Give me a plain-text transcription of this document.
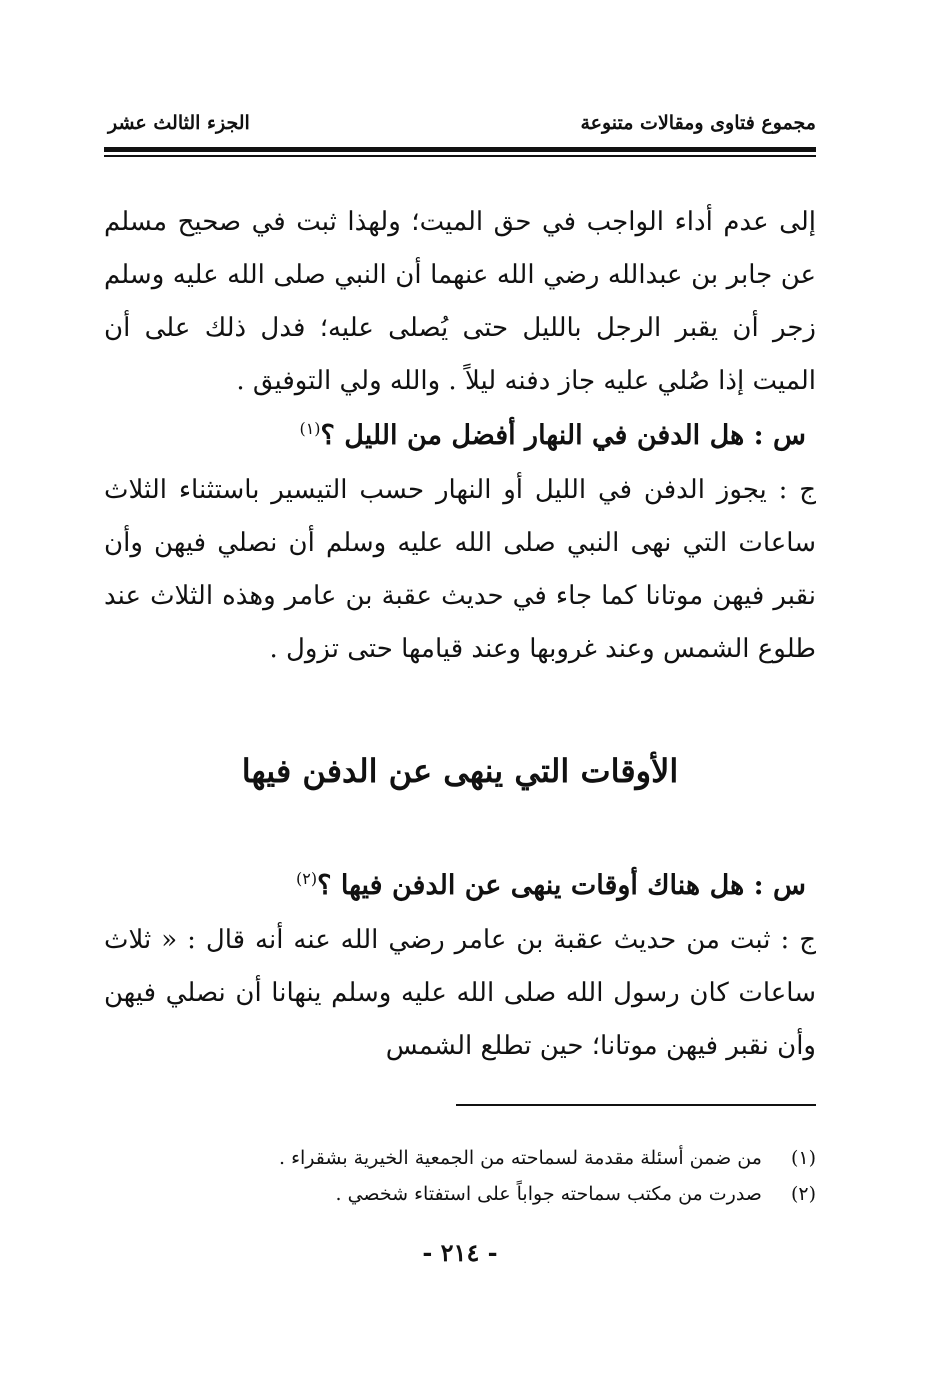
مجموع فتاوى ومقالات متنوعة
الجزء الثالث عشر

إلى عدم أداء الواجب في حق الميت؛ ولهذا ثبت في صحيح مسلم عن جابر بن عبدالله رضي الله عنهما أن النبي صلى الله عليه وسلم زجر أن يقبر الرجل بالليل حتى يُصلى عليه؛ فدل ذلك على أن الميت إذا صُلي عليه جاز دفنه ليلاً . والله ولي التوفيق .

س : هل الدفن في النهار أفضل من الليل ؟$^{(١)}$

ج : يجوز الدفن في الليل أو النهار حسب التيسير باستثناء الثلاث ساعات التي نهى النبي صلى الله عليه وسلم أن نصلي فيهن وأن نقبر فيهن موتانا كما جاء في حديث عقبة بن عامر وهذه الثلاث عند طلوع الشمس وعند غروبها وعند قيامها حتى تزول .

الأوقات التي ينهى عن الدفن فيها

س : هل هناك أوقات ينهى عن الدفن فيها ؟$^{(٢)}$

ج : ثبت من حديث عقبة بن عامر رضي الله عنه أنه قال : « ثلاث ساعات كان رسول الله صلى الله عليه وسلم ينهانا أن نصلي فيهن وأن نقبر فيهن موتانا؛ حين تطلع الشمس

(١) من ضمن أسئلة مقدمة لسماحته من الجمعية الخيرية بشقراء .
(٢) صدرت من مكتب سماحته جواباً على استفتاء شخصي .
- ٢١٤ -
